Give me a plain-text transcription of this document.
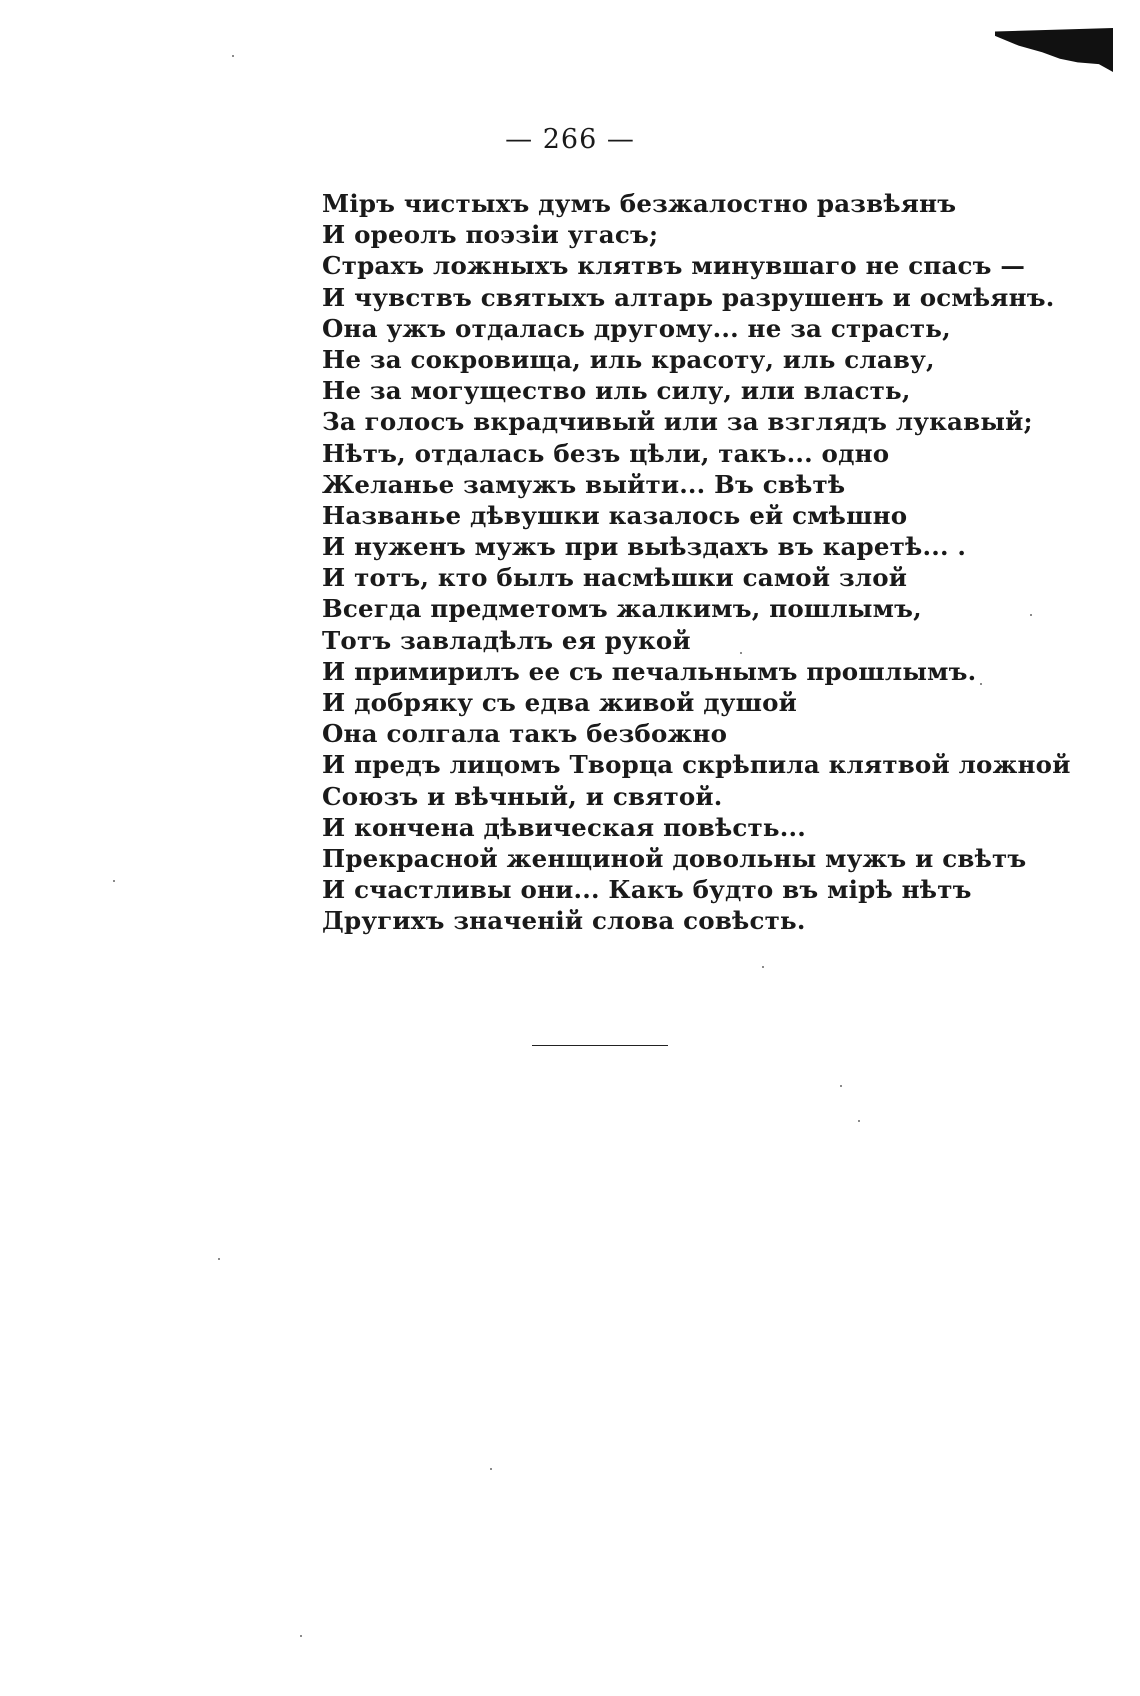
— 266 —
Міръ чистыхъ думъ безжалостно развѣянъ
И ореолъ поэзіи угасъ;
Страхъ ложныхъ клятвъ минувшаго не спасъ —
И чувствъ святыхъ алтарь разрушенъ и осмѣянъ.
Она ужъ отдалась другому... не за страсть,
Не за сокровища, иль красоту, иль славу,
Не за могущество иль силу, или власть,
За голосъ вкрадчивый или за взглядъ лукавый;
Нѣтъ, отдалась безъ цѣли, такъ... одно
Желанье замужъ выйти... Въ свѣтѣ
Названье дѣвушки казалось ей смѣшно
И нуженъ мужъ при выѣздахъ въ каретѣ... .
И тотъ, кто былъ насмѣшки самой злой
Всегда предметомъ жалкимъ, пошлымъ,
Тотъ завладѣлъ ея рукой
И примирилъ ее съ печальнымъ прошлымъ.
И добряку съ едва живой душой
Она солгала такъ безбожно
И предъ лицомъ Творца скрѣпила клятвой ложной
Союзъ и вѣчный, и святой.
И кончена дѣвическая повѣсть...
Прекрасной женщиной довольны мужъ и свѣтъ
И счастливы они... Какъ будто въ мірѣ нѣтъ
Другихъ значеній слова совѣсть.
